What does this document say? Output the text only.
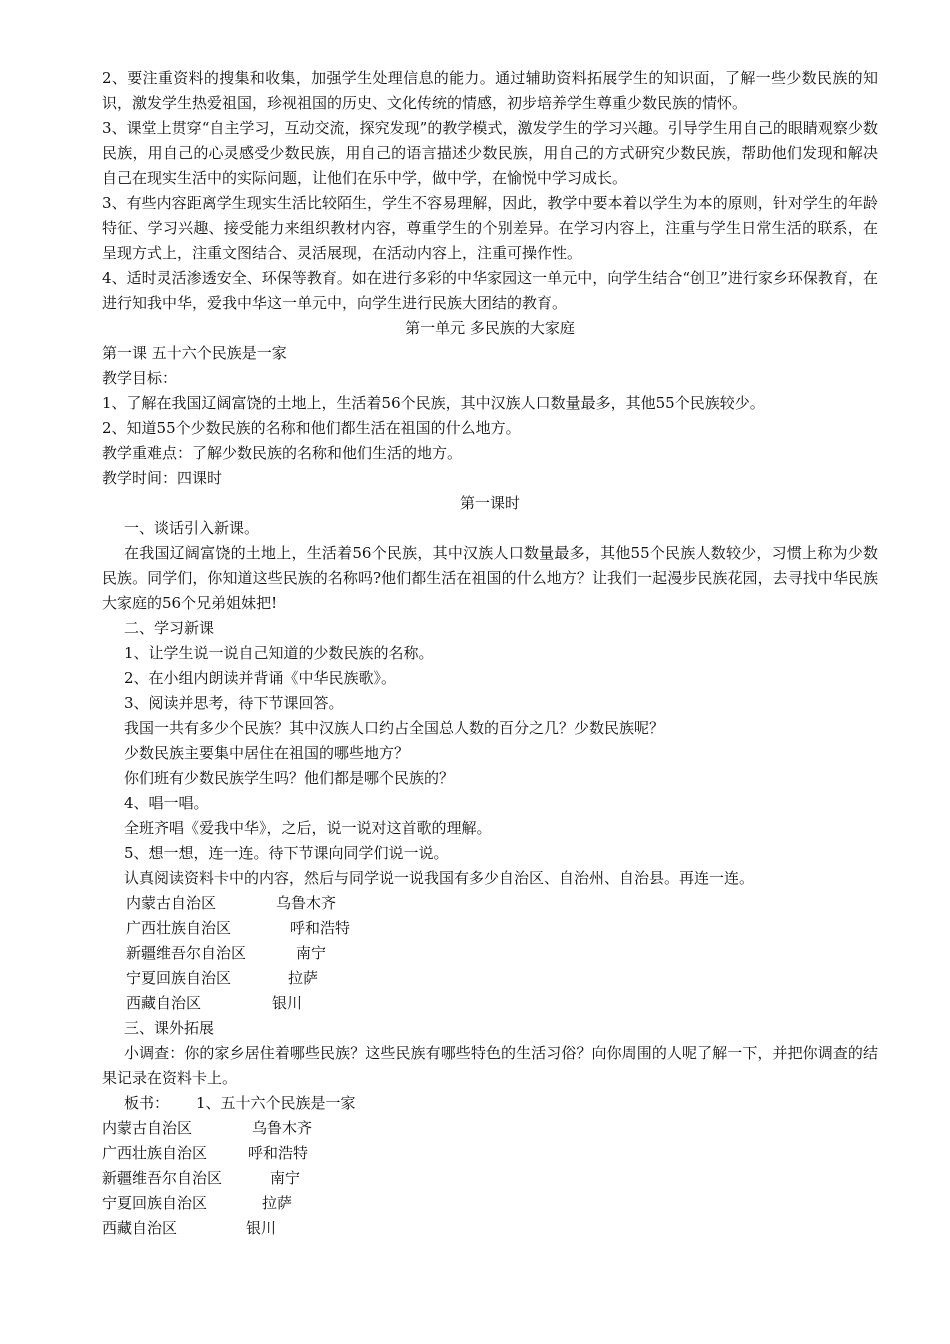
2、要注重资料的搜集和收集，加强学生处理信息的能力。通过辅助资料拓展学生的知识面，了解一些少数民族的知识，激发学生热爱祖国，珍视祖国的历史、文化传统的情感，初步培养学生尊重少数民族的情怀。

3、课堂上贯穿“自主学习，互动交流，探究发现”的教学模式，激发学生的学习兴趣。引导学生用自己的眼睛观察少数民族，用自己的心灵感受少数民族，用自己的语言描述少数民族，用自己的方式研究少数民族，帮助他们发现和解决自己在现实生活中的实际问题，让他们在乐中学，做中学，在愉悦中学习成长。

3、有些内容距离学生现实生活比较陌生，学生不容易理解，因此，教学中要本着以学生为本的原则，针对学生的年龄特征、学习兴趣、接受能力来组织教材内容，尊重学生的个别差异。在学习内容上，注重与学生日常生活的联系，在呈现方式上，注重文图结合、灵活展现，在活动内容上，注重可操作性。

4、适时灵活渗透安全、环保等教育。如在进行多彩的中华家园这一单元中，向学生结合“创卫”进行家乡环保教育，在进行知我中华，爱我中华这一单元中，向学生进行民族大团结的教育。

第一单元 多民族的大家庭

第一课 五十六个民族是一家

教学目标：

1、了解在我国辽阔富饶的土地上，生活着56个民族，其中汉族人口数量最多，其他55个民族较少。

2、知道55个少数民族的名称和他们都生活在祖国的什么地方。

教学重难点：了解少数民族的名称和他们生活的地方。

教学时间：四课时

第一课时

一、谈话引入新课。

在我国辽阔富饶的土地上，生活着56个民族，其中汉族人口数量最多，其他55个民族人数较少，习惯上称为少数民族。同学们，你知道这些民族的名称吗?他们都生活在祖国的什么地方？让我们一起漫步民族花园，去寻找中华民族大家庭的56个兄弟姐妹把!

二、学习新课

1、让学生说一说自己知道的少数民族的名称。

2、在小组内朗读并背诵《中华民族歌》。

3、阅读并思考，待下节课回答。

我国一共有多少个民族？其中汉族人口约占全国总人数的百分之几？少数民族呢？

少数民族主要集中居住在祖国的哪些地方？

你们班有少数民族学生吗？他们都是哪个民族的？

4、唱一唱。

全班齐唱《爱我中华》，之后，说一说对这首歌的理解。

5、想一想，连一连。待下节课向同学们说一说。

认真阅读资料卡中的内容，然后与同学说一说我国有多少自治区、自治州、自治县。再连一连。

内蒙古自治区	乌鲁木齐
广西壮族自治区	呼和浩特
新疆维吾尔自治区	南宁
宁夏回族自治区	拉萨
西藏自治区	银川

三、课外拓展

小调查：你的家乡居住着哪些民族？这些民族有哪些特色的生活习俗？向你周围的人呢了解一下，并把你调查的结果记录在资料卡上。

板书：	1、五十六个民族是一家
内蒙古自治区	乌鲁木齐
广西壮族自治区	呼和浩特
新疆维吾尔自治区	南宁
宁夏回族自治区	拉萨
西藏自治区	银川
